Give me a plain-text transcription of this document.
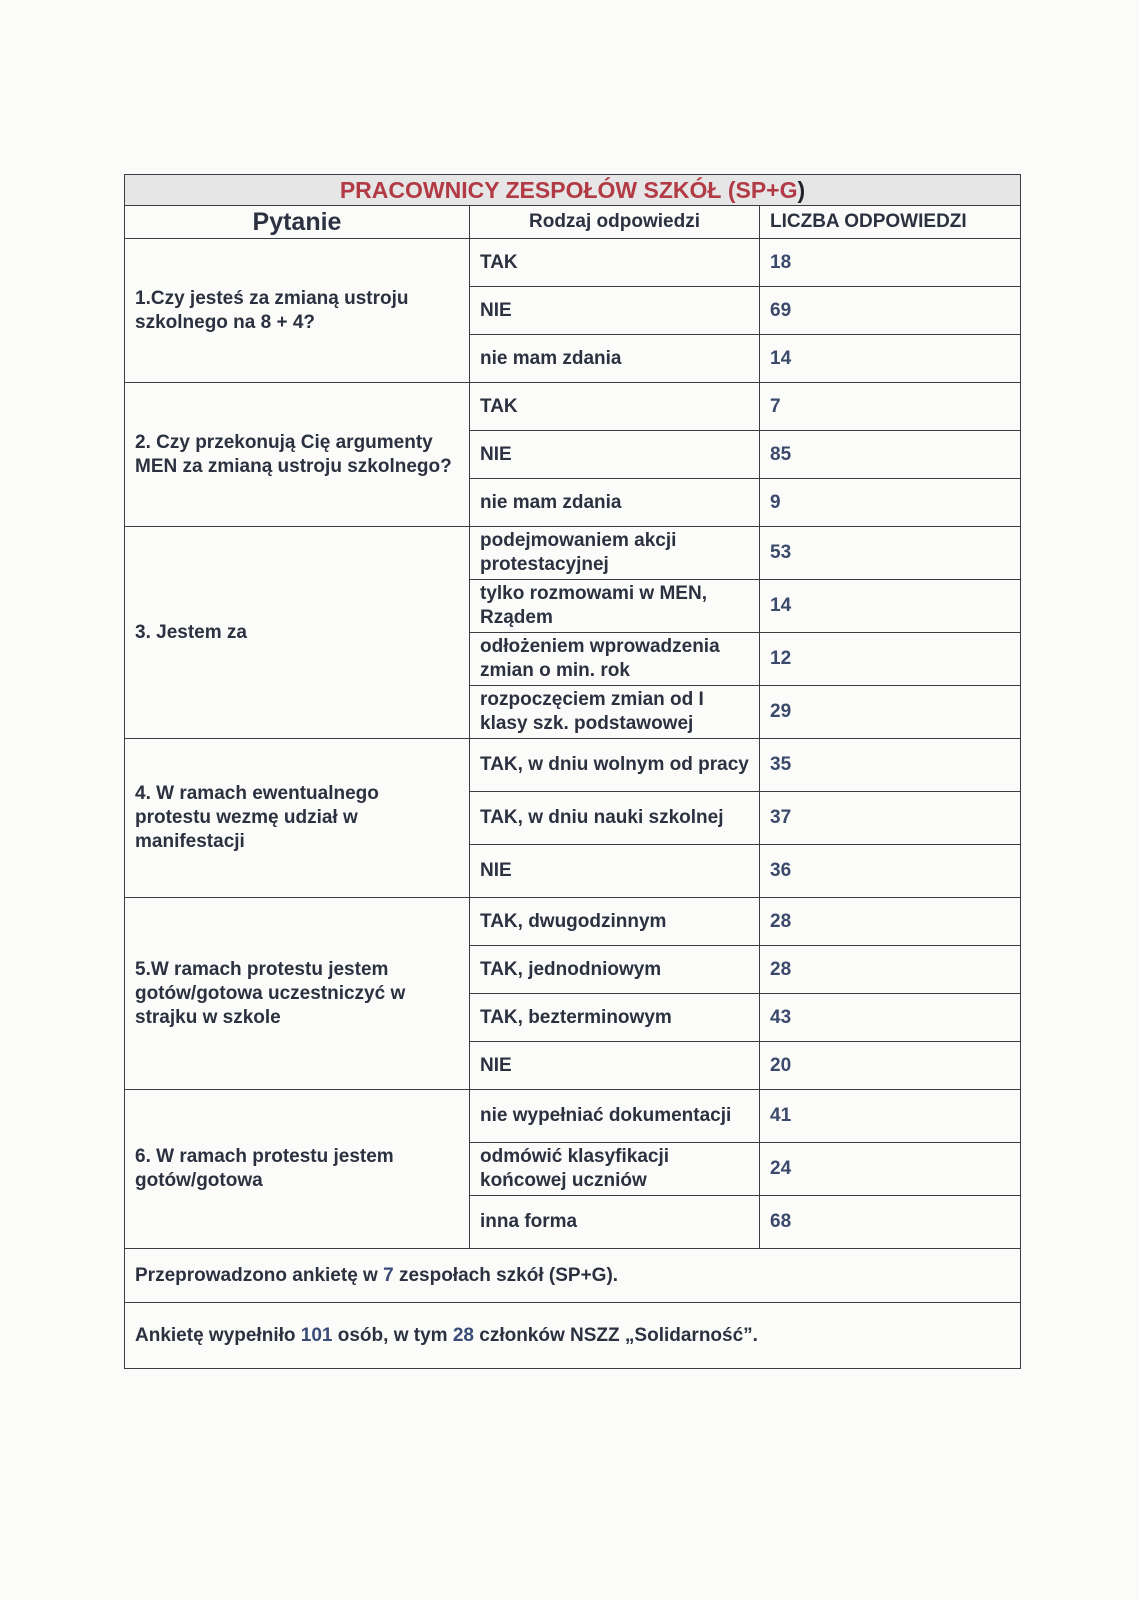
PRACOWNICY ZESPOŁÓW SZKÓŁ (SP+G)		
Pytanie	Rodzaj odpowiedzi	LICZBA ODPOWIEDZI
1.Czy jesteś za zmianą ustroju szkolnego na 8 + 4?	TAK	18
	NIE	69
	nie mam zdania	14
2. Czy przekonują Cię argumenty MEN za zmianą ustroju szkolnego?	TAK	7
	NIE	85
	nie mam zdania	9
3. Jestem za	podejmowaniem akcji protestacyjnej	53
	tylko rozmowami w MEN, Rządem	14
	odłożeniem wprowadzenia zmian o min. rok	12
	rozpoczęciem zmian od I klasy szk. podstawowej	29
4. W ramach ewentualnego protestu wezmę udział w manifestacji	TAK, w dniu wolnym od pracy	35
	TAK, w dniu nauki szkolnej	37
	NIE	36
5.W ramach protestu jestem gotów/gotowa uczestniczyć w strajku w szkole	TAK, dwugodzinnym	28
	TAK, jednodniowym	28
	TAK, bezterminowym	43
	NIE	20
6. W ramach protestu jestem gotów/gotowa	nie wypełniać dokumentacji	41
	odmówić klasyfikacji końcowej uczniów	24
	inna forma	68
Przeprowadzono ankietę w 7 zespołach szkół (SP+G).		
Ankietę wypełniło 101 osób, w tym 28 członków NSZZ „Solidarność”.		
